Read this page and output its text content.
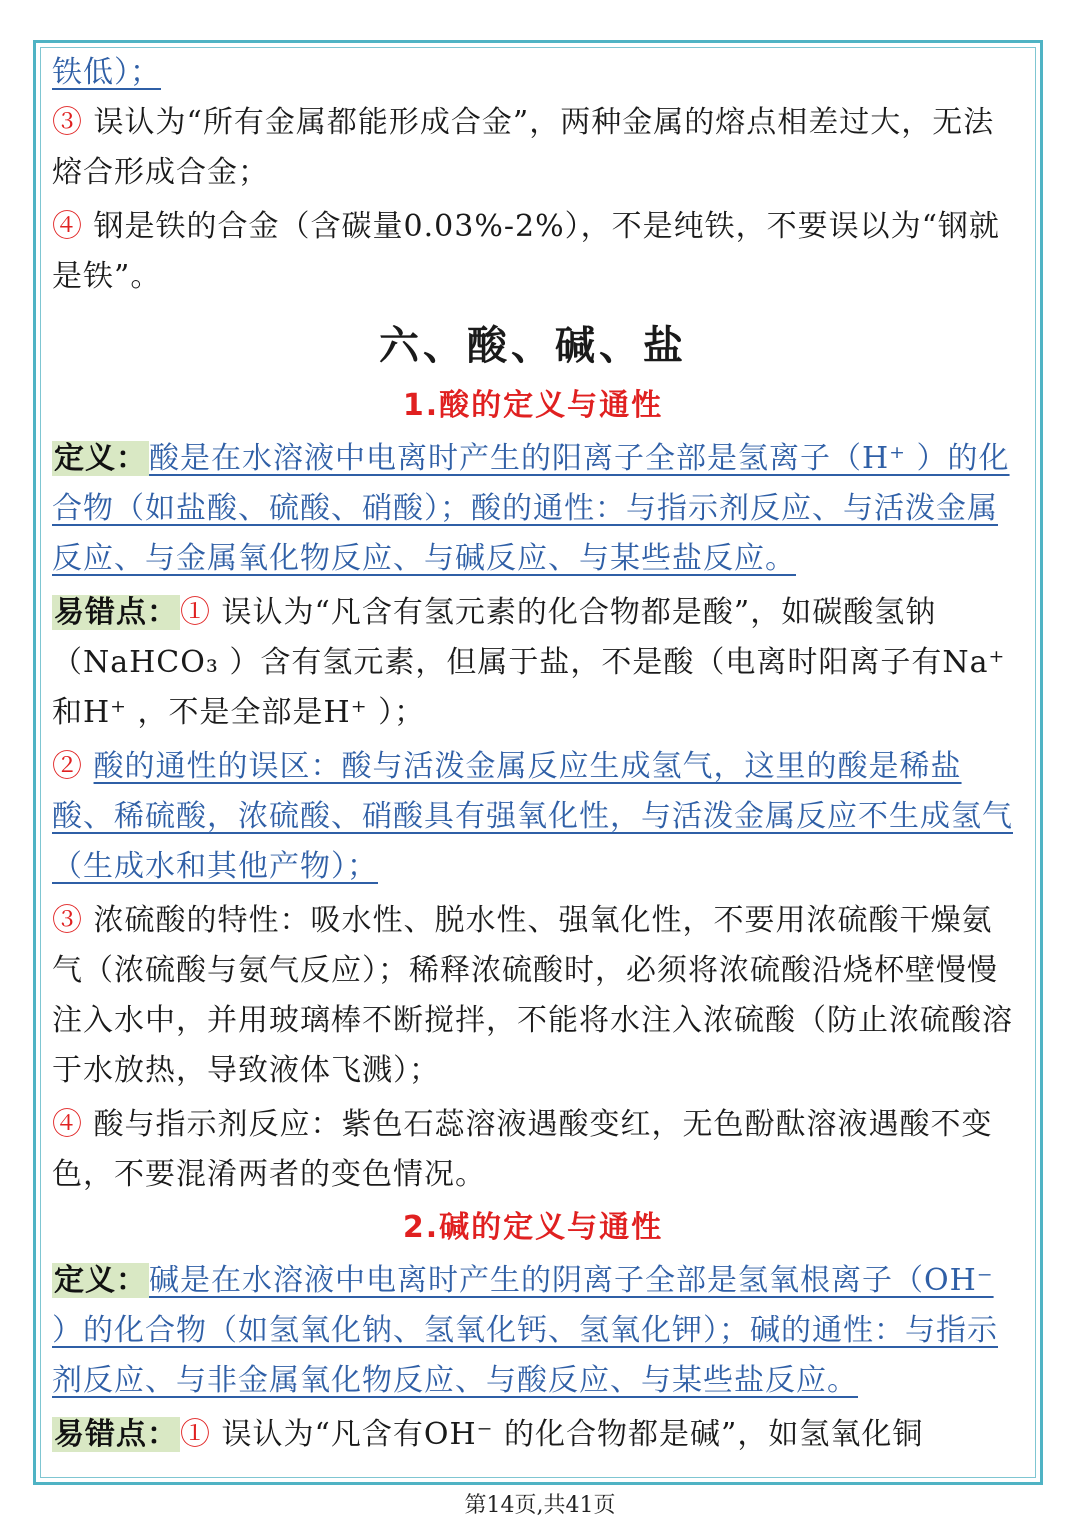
铁低）；

③ 误认为“所有金属都能形成合金”，两种金属的熔点相差过大，无法熔合形成合金；

④ 钢是铁的合金（含碳量0.03%-2%），不是纯铁，不要误以为“钢就是铁”。

六、酸、碱、盐
1.酸的定义与通性

定义：酸是在水溶液中电离时产生的阳离子全部是氢离子（H⁺ ）的化合物（如盐酸、硫酸、硝酸）；酸的通性：与指示剂反应、与活泼金属反应、与金属氧化物反应、与碱反应、与某些盐反应。

易错点：① 误认为“凡含有氢元素的化合物都是酸”，如碳酸氢钠（NaHCO₃ ）含有氢元素，但属于盐，不是酸（电离时阳离子有Na⁺ 和H⁺ ，不是全部是H⁺ ）；

② 酸的通性的误区：酸与活泼金属反应生成氢气，这里的酸是稀盐酸、稀硫酸，浓硫酸、硝酸具有强氧化性，与活泼金属反应不生成氢气（生成水和其他产物）；

③ 浓硫酸的特性：吸水性、脱水性、强氧化性，不要用浓硫酸干燥氨气（浓硫酸与氨气反应）；稀释浓硫酸时，必须将浓硫酸沿烧杯壁慢慢注入水中，并用玻璃棒不断搅拌，不能将水注入浓硫酸（防止浓硫酸溶于水放热，导致液体飞溅）；

④ 酸与指示剂反应：紫色石蕊溶液遇酸变红，无色酚酞溶液遇酸不变色，不要混淆两者的变色情况。

2.碱的定义与通性

定义：碱是在水溶液中电离时产生的阴离子全部是氢氧根离子（OH⁻ ）的化合物（如氢氧化钠、氢氧化钙、氢氧化钾）；碱的通性：与指示剂反应、与非金属氧化物反应、与酸反应、与某些盐反应。

易错点：① 误认为“凡含有OH⁻ 的化合物都是碱”，如氢氧化铜

第14页,共41页
